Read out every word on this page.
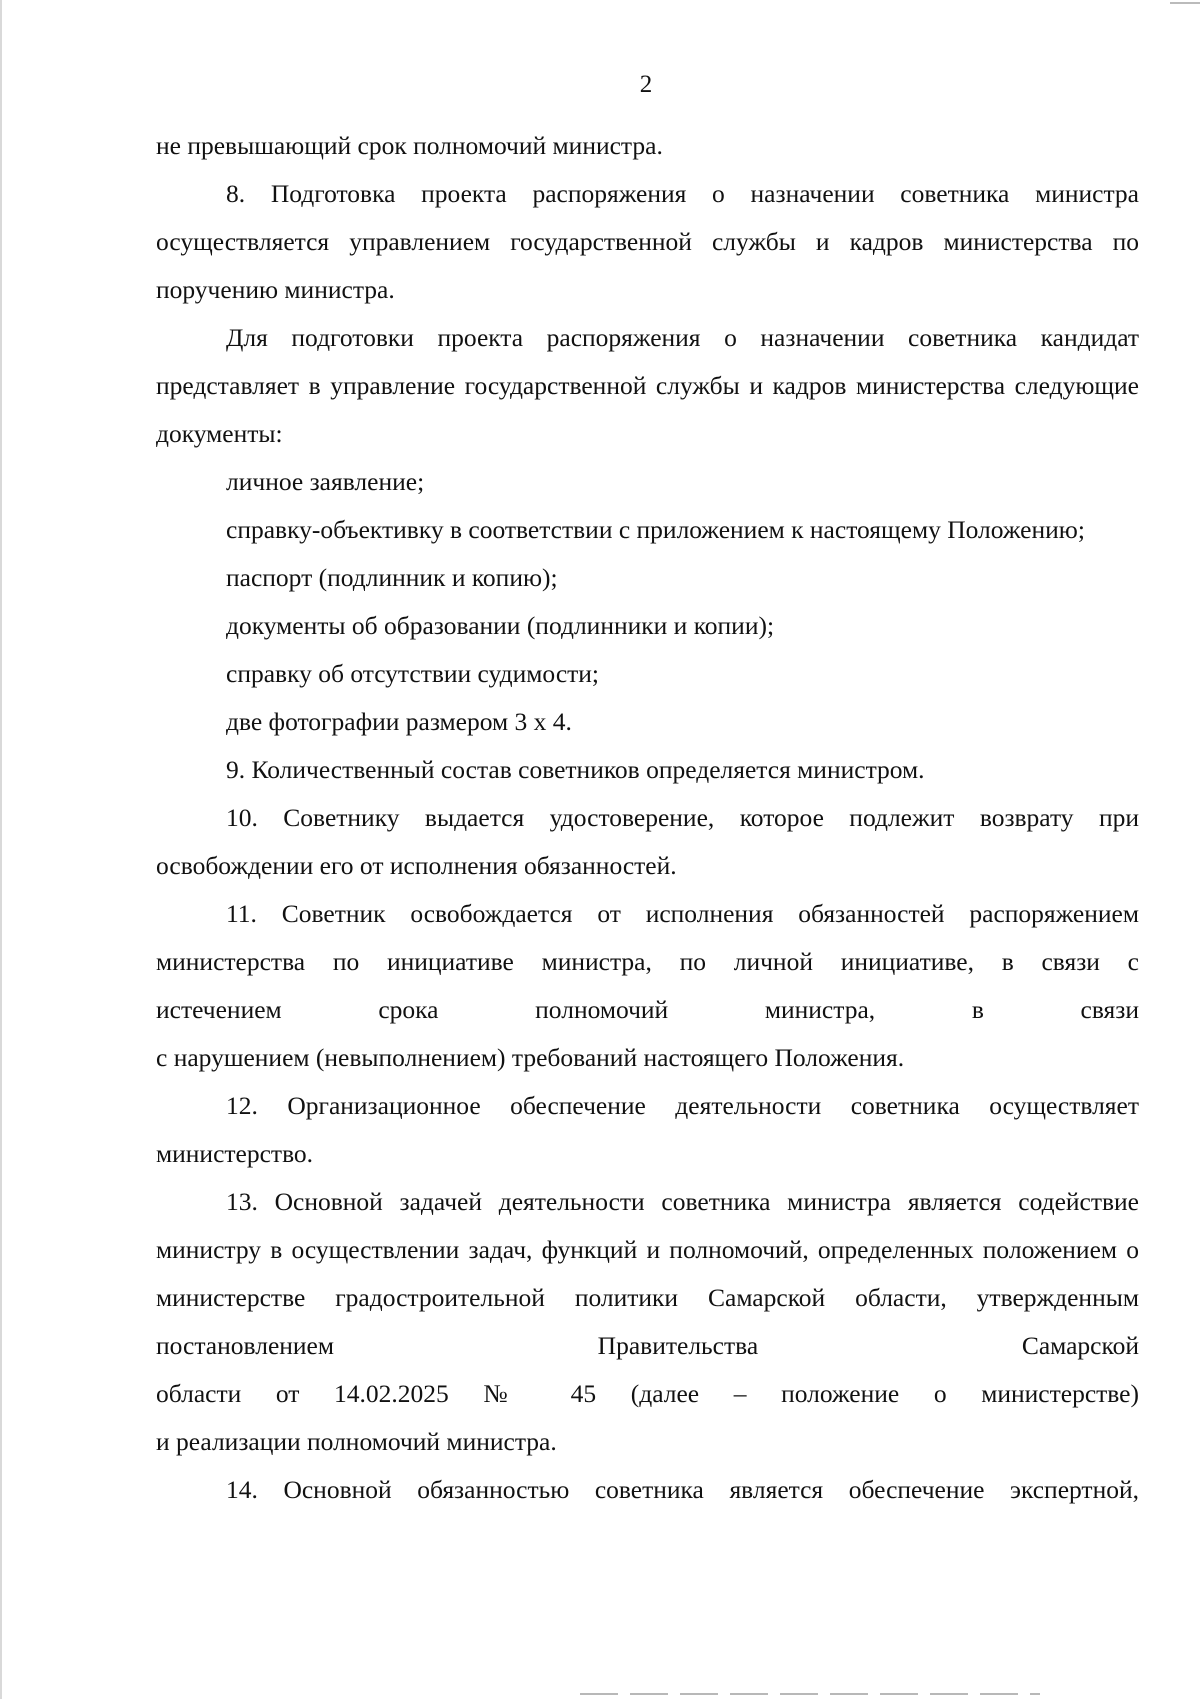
2

не превышающий срок полномочий министра.

8. Подготовка проекта распоряжения о назначении советника министра осуществляется управлением государственной службы и кадров министерства по поручению министра.

Для подготовки проекта распоряжения о назначении советника кандидат представляет в управление государственной службы и кадров министерства следующие документы:

личное заявление;

справку-объективку в соответствии с приложением к настоящему Положению;

паспорт (подлинник и копию);

документы об образовании (подлинники и копии);

справку об отсутствии судимости;

две фотографии размером 3 x 4.

9. Количественный состав советников определяется министром.

10. Советнику выдается удостоверение, которое подлежит возврату при освобождении его от исполнения обязанностей.

11. Советник освобождается от исполнения обязанностей распоряжением министерства по инициативе министра, по личной инициативе, в связи с

истечением срока полномочий министра, в связи

с нарушением (невыполнением) требований настоящего Положения.

12. Организационное обеспечение деятельности советника осуществляет министерство.

13. Основной задачей деятельности советника министра является содействие министру в осуществлении задач, функций и полномочий, определенных положением о министерстве градостроительной политики Самарской области, утвержденным постановлением Правительства Самарской

области от 14.02.2025 № 45 (далее – положение о министерстве)

и реализации полномочий министра.

14. Основной обязанностью советника является обеспечение экспертной,
